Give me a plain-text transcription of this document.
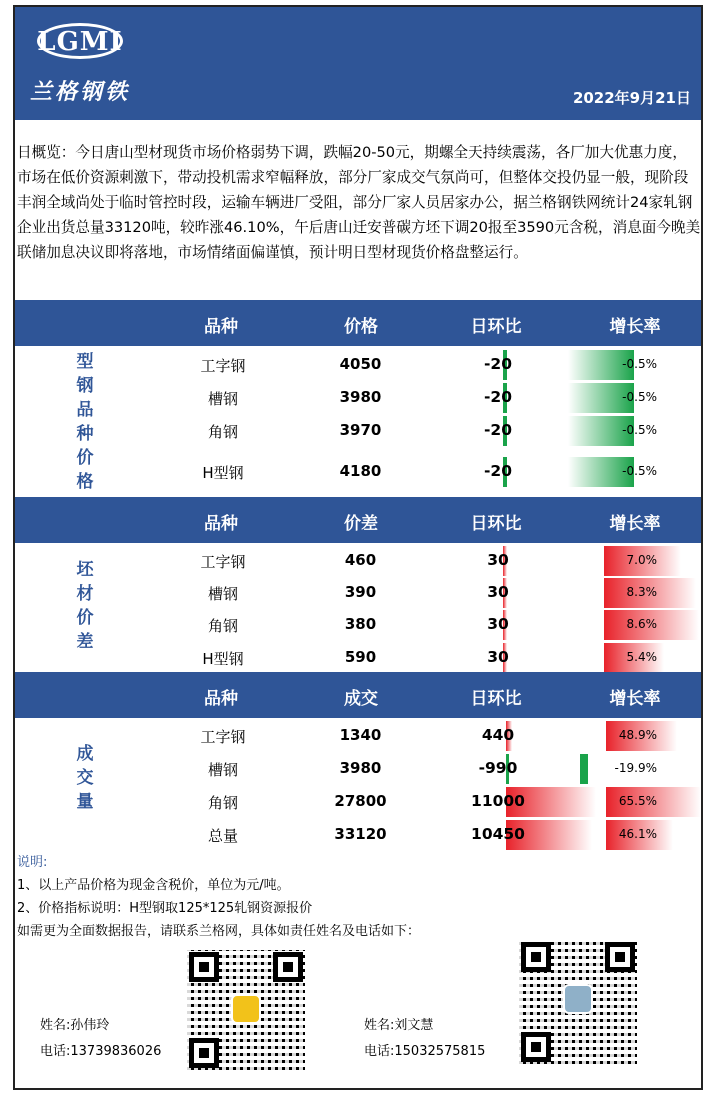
LGMI
兰格钢铁	2022年9月21日
日概览：今日唐山型材现货市场价格弱势下调，跌幅20-50元，期螺全天持续震荡，各厂加大优惠力度，市场在低价资源刺激下，带动投机需求窄幅释放，部分厂家成交气氛尚可，但整体交投仍显一般，现阶段丰润全域尚处于临时管控时段，运输车辆进厂受阻，部分厂家人员居家办公，据兰格钢铁网统计24家轧钢企业出货总量33120吨，较昨涨46.10%，午后唐山迁安普碳方坯下调20报至3590元含税，消息面今晚美联储加息决议即将落地，市场情绪面偏谨慎，预计明日型材现货价格盘整运行。
品种	价格	日环比	增长率
型
钢
品
种
价
格
工字钢	4050	-20	-0.5%
槽钢	3980	-20	-0.5%
角钢	3970	-20	-0.5%
H型钢	4180	-20	-0.5%
品种	价差	日环比	增长率
坯
材
价
差
工字钢	460	30	7.0%
槽钢	390	30	8.3%
角钢	380	30	8.6%
H型钢	590	30	5.4%
品种	成交	日环比	增长率
成
交
量
工字钢	1340	440	48.9%
槽钢	3980	-990	-19.9%
角钢	27800	11000	65.5%
总量	33120	10450	46.1%
说明:
1、以上产品价格为现金含税价，单位为元/吨。
2、价格指标说明：H型钢取125*125轧钢资源报价
如需更为全面数据报告，请联系兰格网，具体如责任姓名及电话如下：
姓名:孙伟玲
电话:13739836026
姓名:刘文慧
电话:15032575815
